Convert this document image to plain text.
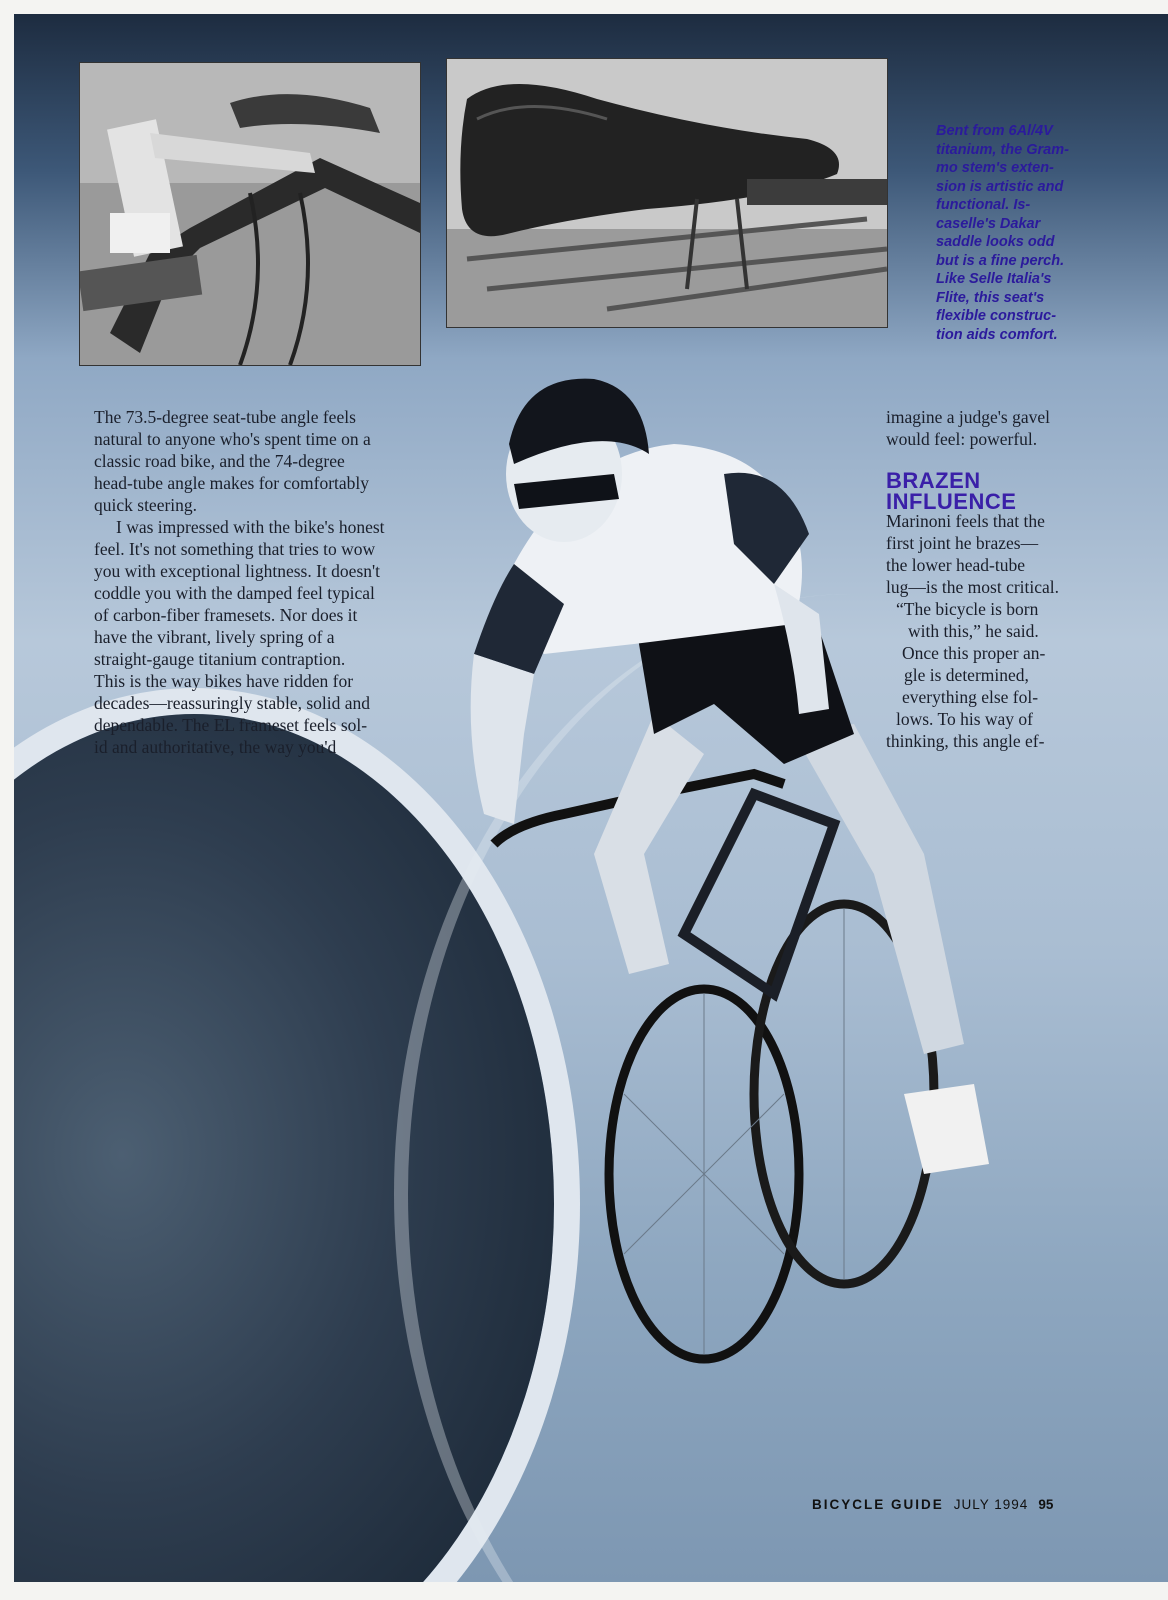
Bent from 6Al/4V
titanium, the Gram-
mo stem's exten-
sion is artistic and
functional. Is-
caselle's Dakar
saddle looks odd
but is a fine perch.
Like Selle Italia's
Flite, this seat's
flexible construc-
tion aids comfort.
The 73.5-degree seat-tube angle feels
natural to anyone who's spent time on a
classic road bike, and the 74-degree
head-tube angle makes for comfortably
quick steering.
I was impressed with the bike's honest
feel. It's not something that tries to wow
you with exceptional lightness. It doesn't
coddle you with the damped feel typical
of carbon-fiber framesets. Nor does it
have the vibrant, lively spring of a
straight-gauge titanium contraption.
This is the way bikes have ridden for
decades—reassuringly stable, solid and
dependable. The EL frameset feels sol-
id and authoritative, the way you'd
imagine a judge's gavel
would feel: powerful.
BRAZEN
INFLUENCE
Marinoni feels that the
first joint he brazes—
the lower head-tube
lug—is the most critical.
“The bicycle is born
with this,” he said.
Once this proper an-
gle is determined,
everything else fol-
lows. To his way of
thinking, this angle ef-
BICYCLE GUIDE JULY 1994 95
